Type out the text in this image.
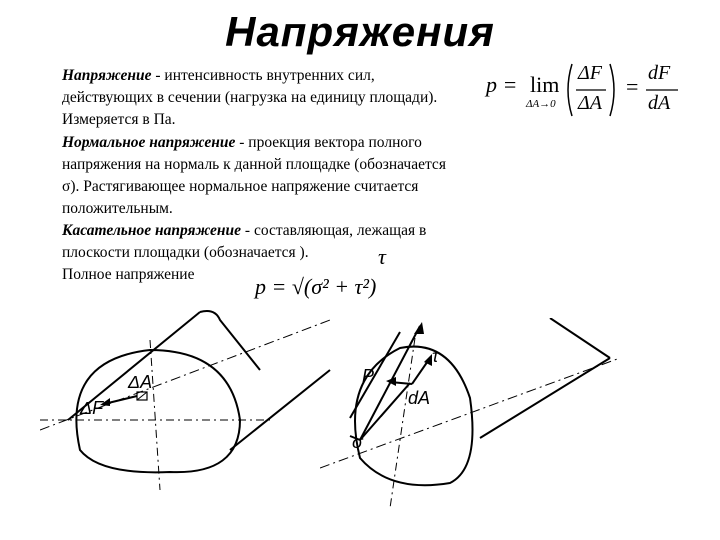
Напряжения
Напряжение - интенсивность внутренних сил,
действующих в сечении (нагрузка на единицу площади).
Измеряется в Па.
Нормальное напряжение - проекция вектора полного
напряжения на нормаль к данной площадке (обозначается
σ). Растягивающее нормальное напряжение считается
положительным.
Касательное напряжение - составляющая, лежащая в
плоскости площадки (обозначается ).
Полное напряжение
τ
p = lim
ΔA→0
ΔF
ΔA
=
dF
dA
p = √(σ² + τ²)
ΔA
ΔF
τ
P
dA
σ
